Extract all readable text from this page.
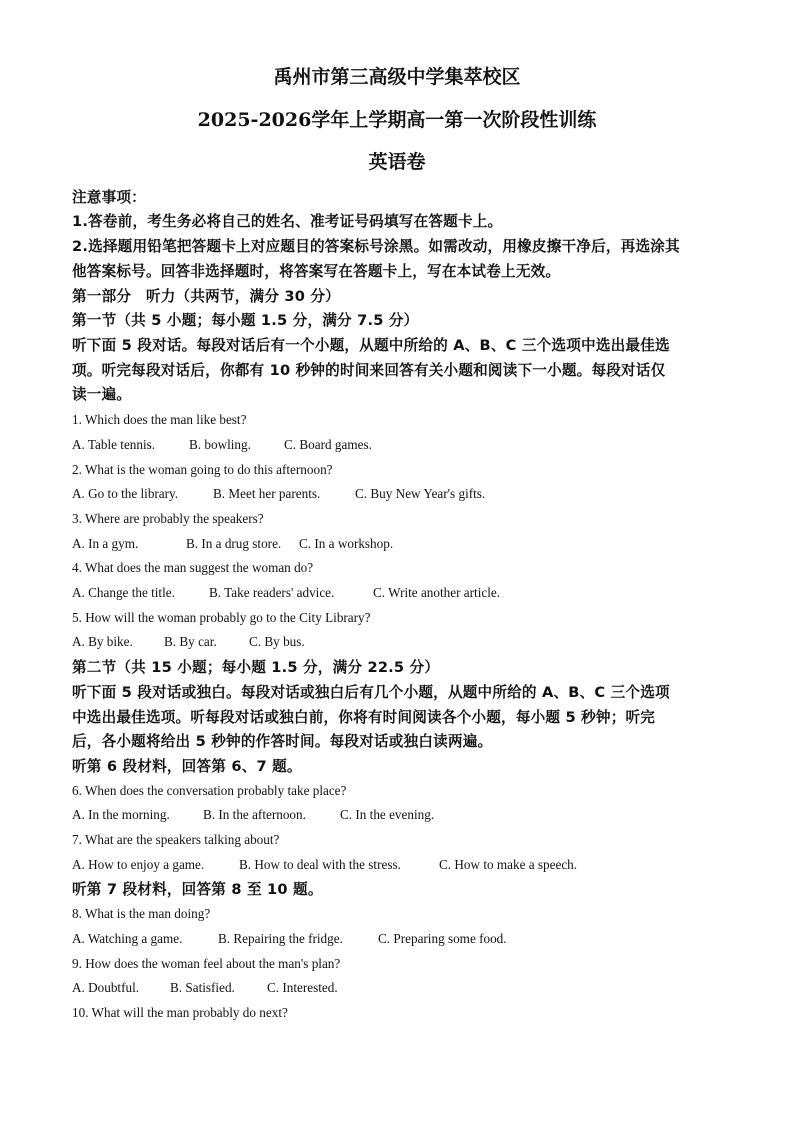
禹州市第三高级中学集萃校区
2025-2026学年上学期高一第一次阶段性训练
英语卷
注意事项：
1.答卷前，考生务必将自己的姓名、准考证号码填写在答题卡上。
2.选择题用铅笔把答题卡上对应题目的答案标号涂黑。如需改动，用橡皮擦干净后，再选涂其
他答案标号。回答非选择题时，将答案写在答题卡上，写在本试卷上无效。
第一部分　听力（共两节，满分 30 分）
第一节（共 5 小题；每小题 1.5 分，满分 7.5 分）
听下面 5 段对话。每段对话后有一个小题，从题中所给的 A、B、C 三个选项中选出最佳选
项。听完每段对话后，你都有 10 秒钟的时间来回答有关小题和阅读下一小题。每段对话仅
读一遍。
1. Which does the man like best?
A. Table tennis.	B. bowling.	C. Board games.
2. What is the woman going to do this afternoon?
A. Go to the library.	B. Meet her parents.	C. Buy New Year's gifts.
3. Where are probably the speakers?
A. In a gym.	B. In a drug store. C. In a workshop.
4. What does the man suggest the woman do?
A. Change the title.	B. Take readers' advice.	C. Write another article.
5. How will the woman probably go to the City Library?
A. By bike. B. By car. C. By bus.
第二节（共 15 小题；每小题 1.5 分，满分 22.5 分）
听下面 5 段对话或独白。每段对话或独白后有几个小题，从题中所给的 A、B、C 三个选项
中选出最佳选项。听每段对话或独白前，你将有时间阅读各个小题，每小题 5 秒钟；听完
后，各小题将给出 5 秒钟的作答时间。每段对话或独白读两遍。
听第 6 段材料，回答第 6、7 题。
6. When does the conversation probably take place?
A. In the morning.	B. In the afternoon.	C. In the evening.
7. What are the speakers talking about?
A. How to enjoy a game.	B. How to deal with the stress.	C. How to make a speech.
听第 7 段材料，回答第 8 至 10 题。
8. What is the man doing?
A. Watching a game.	B. Repairing the fridge.	C. Preparing some food.
9. How does the woman feel about the man's plan?
A. Doubtful. B. Satisfied. C. Interested.
10. What will the man probably do next?
